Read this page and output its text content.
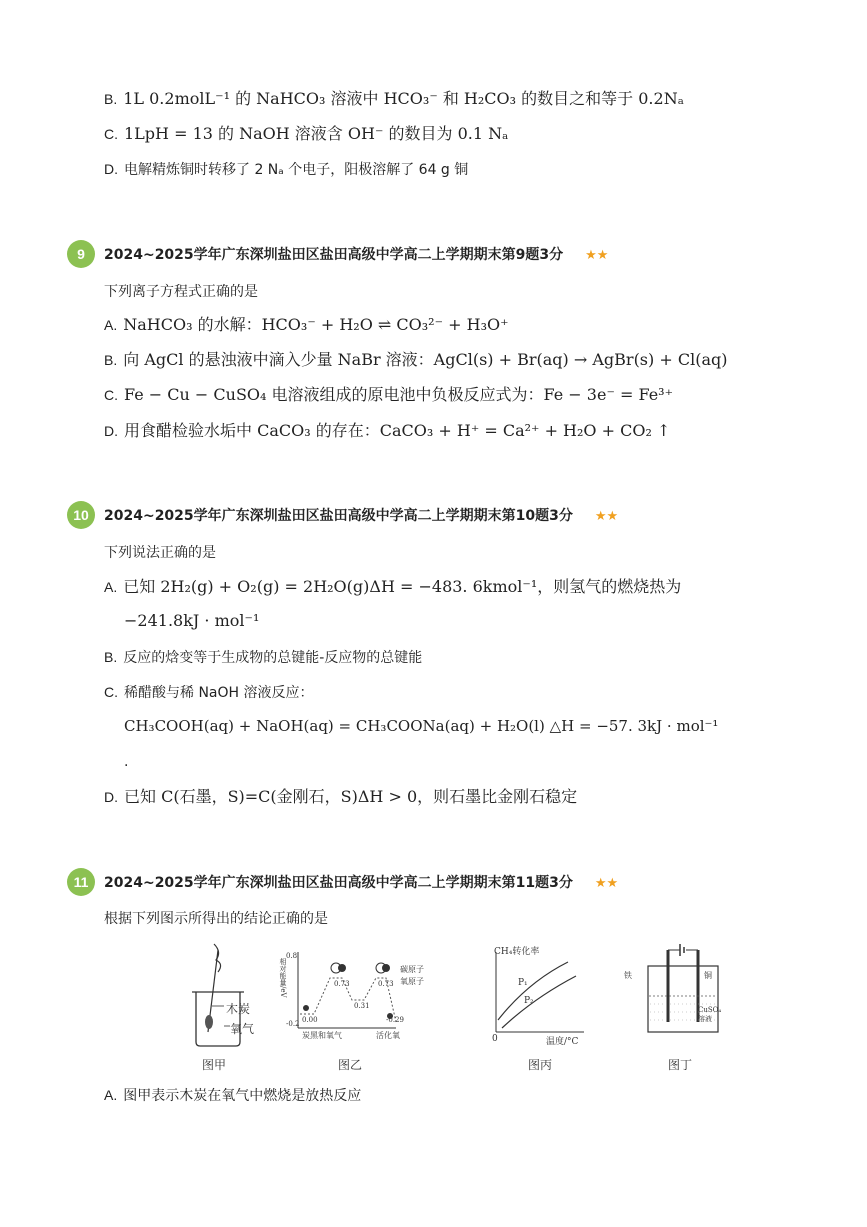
B. 1L 0.2molL⁻¹ 的 NaHCO₃ 溶液中 HCO₃⁻ 和 H₂CO₃ 的数目之和等于 0.2Nₐ
C. 1LpH = 13 的 NaOH 溶液含 OH⁻ 的数目为 0.1 Nₐ
D. 电解精炼铜时转移了 2 Nₐ 个电子，阳极溶解了 64 g 铜
9	2024~2025学年广东深圳盐田区盐田高级中学高二上学期期末第9题3分 ★★
下列离子方程式正确的是
A. NaHCO₃ 的水解：HCO₃⁻ + H₂O ⇌ CO₃²⁻ + H₃O⁺
B. 向 AgCl 的悬浊液中滴入少量 NaBr 溶液：AgCl(s) + Br(aq) → AgBr(s) + Cl(aq)
C. Fe − Cu − CuSO₄ 电溶液组成的原电池中负极反应式为：Fe − 3e⁻ = Fe³⁺
D. 用食醋检验水垢中 CaCO₃ 的存在：CaCO₃ + H⁺ = Ca²⁺ + H₂O + CO₂ ↑
10	2024~2025学年广东深圳盐田区盐田高级中学高二上学期期末第10题3分 ★★
下列说法正确的是
A. 已知 2H₂(g) + O₂(g) = 2H₂O(g)ΔH = −483. 6kmol⁻¹，则氢气的燃烧热为
−241.8kJ · mol⁻¹
B. 反应的焓变等于生成物的总键能-反应物的总键能
C. 稀醋酸与稀 NaOH 溶液反应：
CH₃COOH(aq) + NaOH(aq) = CH₃COONa(aq) + H₂O(l) △H = −57. 3kJ · mol⁻¹
.
D. 已知 C(石墨，S)=C(金刚石，S)ΔH > 0，则石墨比金刚石稳定
11	2024~2025学年广东深圳盐田区盐田高级中学高二上学期期末第11题3分 ★★
根据下列图示所得出的结论正确的是
木炭
氧气
图甲
相对能量/eV
0.8
-0.2
0.73	0.73
0.31
0.00	-0.29
碳原子
氧原子
炭黑和氧气	活化氧
图乙
CH₄转化率
P₁
P₂
0	温度/°C
图丙
铁	铜
CuSO₄ 溶液
图丁
A. 图甲表示木炭在氧气中燃烧是放热反应
